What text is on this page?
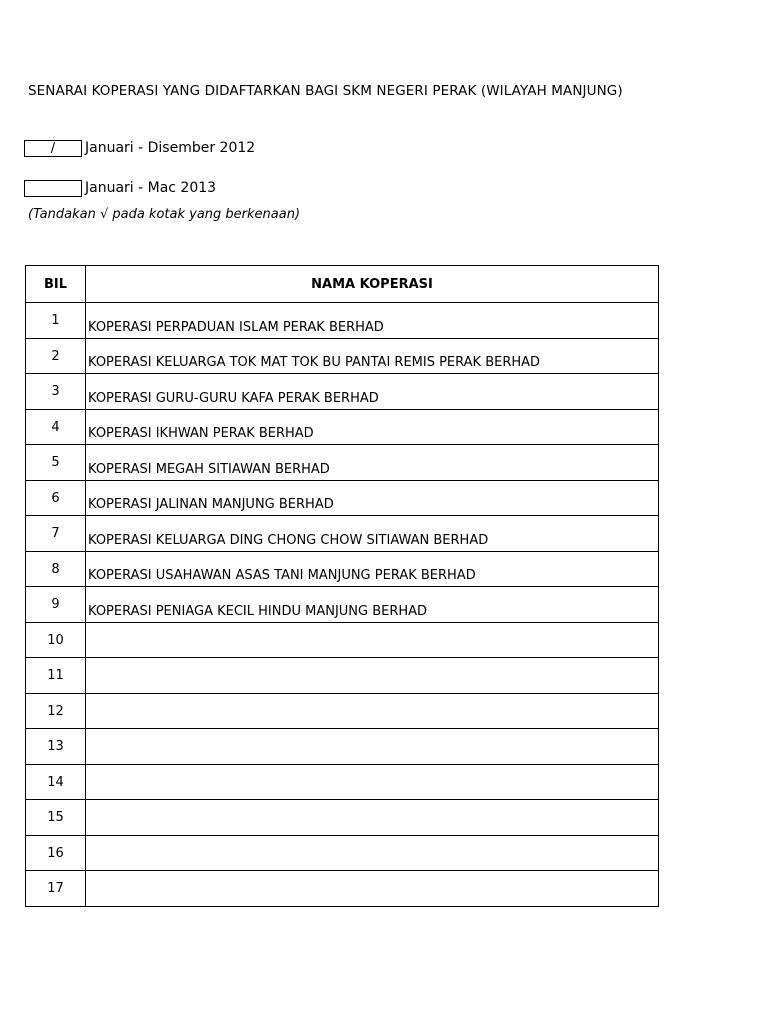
SENARAI KOPERASI YANG DIDAFTARKAN BAGI SKM NEGERI PERAK (WILAYAH MANJUNG)
/	Januari - Disember 2012
Januari - Mac 2013
(Tandakan √ pada kotak yang berkenaan)
BIL	NAMA KOPERASI
1	KOPERASI PERPADUAN ISLAM PERAK BERHAD
2	KOPERASI KELUARGA TOK MAT TOK BU PANTAI REMIS PERAK BERHAD
3	KOPERASI GURU-GURU KAFA PERAK BERHAD
4	KOPERASI IKHWAN PERAK BERHAD
5	KOPERASI MEGAH SITIAWAN BERHAD
6	KOPERASI JALINAN MANJUNG BERHAD
7	KOPERASI KELUARGA DING CHONG CHOW SITIAWAN BERHAD
8	KOPERASI USAHAWAN ASAS TANI MANJUNG PERAK BERHAD
9	KOPERASI PENIAGA KECIL HINDU MANJUNG BERHAD
10	
11	
12	
13	
14	
15	
16	
17	
